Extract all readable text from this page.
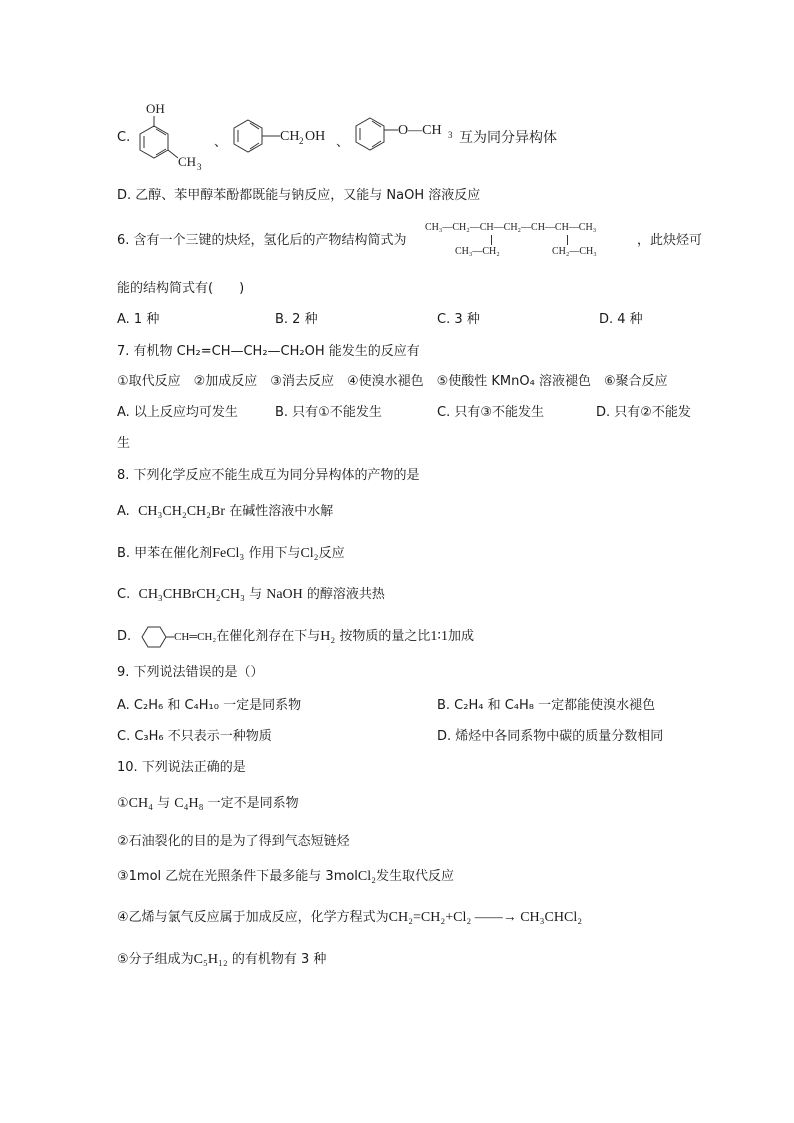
C.
OH
CH 3
、	CH 2 OH 、
O—CH 3 互为同分异构体
D. 乙醇、苯甲醇苯酚都既能与钠反应，又能与 NaOH 溶液反应
6. 含有一个三键的炔烃，氢化后的产物结构简式为
CH₃—CH₂—CH—CH₂—CH—CH—CH₃
CH₃—CH₂	CH₂—CH₃
，此炔烃可
能的结构简式有(　　)
A. 1 种	B. 2 种	C. 3 种	D. 4 种
7. 有机物 CH₂=CH—CH₂—CH₂OH 能发生的反应有
①取代反应　②加成反应　③消去反应　④使溴水褪色　⑤使酸性 KMnO₄ 溶液褪色　⑥聚合反应
A. 以上反应均可发生	B. 只有①不能发生	C. 只有③不能发生	D. 只有②不能发
生
8. 下列化学反应不能生成互为同分异构体的产物的是
A. CH₃CH₂CH₂Br 在碱性溶液中水解
B. 甲苯在催化剂FeCl₃ 作用下与Cl₂反应
C. CH₃CHBrCH₂CH₃ 与 NaOH 的醇溶液共热
D.	CH═CH₂在催化剂存在下与H₂ 按物质的量之比1∶1加成
9. 下列说法错误的是（）
A. C₂H₆ 和 C₄H₁₀ 一定是同系物	B. C₂H₄ 和 C₄H₈ 一定都能使溴水褪色
C. C₃H₆ 不只表示一种物质	D. 烯烃中各同系物中碳的质量分数相同
10. 下列说法正确的是
①CH₄ 与 C₄H₈ 一定不是同系物
②石油裂化的目的是为了得到气态短链烃
③1mol 乙烷在光照条件下最多能与 3molCl₂发生取代反应
④乙烯与氯气反应属于加成反应，化学方程式为CH₂=CH₂+Cl₂ ——→ CH₃CHCl₂
⑤分子组成为C₅H₁₂ 的有机物有 3 种
